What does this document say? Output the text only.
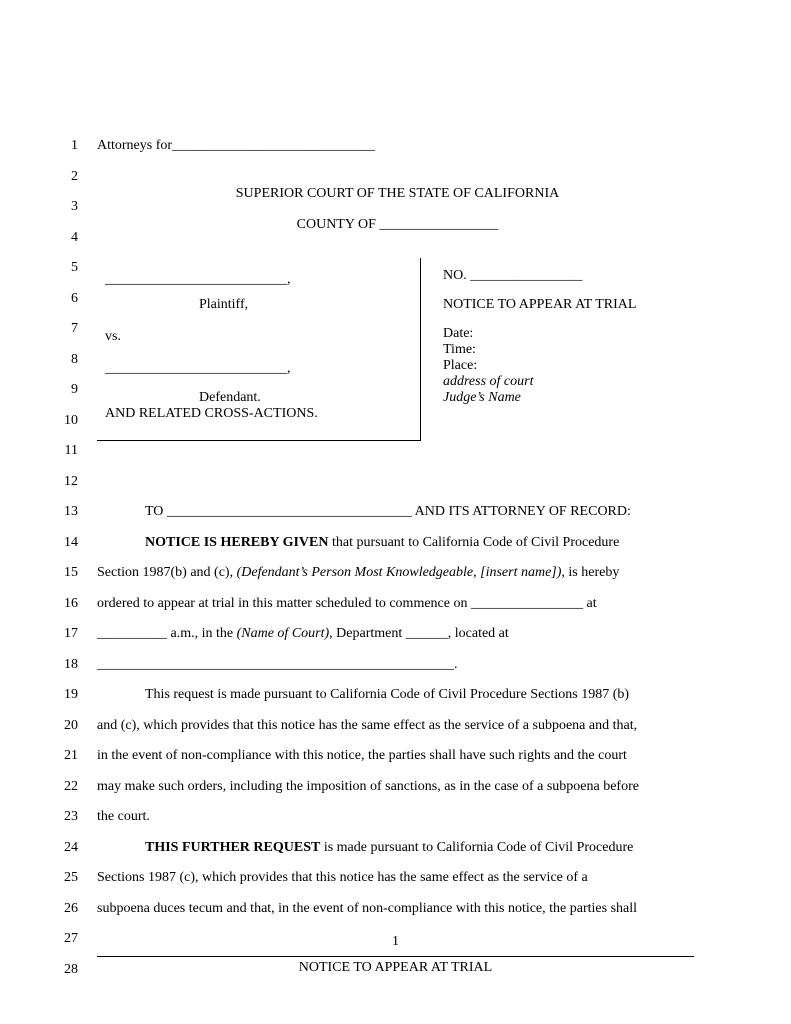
1
2
3
4
5
6
7
8
9
10
11
12
13
14
15
16
17
18
19
20
21
22
23
24
25
26
27
28
Attorneys for_____________________________
SUPERIOR COURT OF THE STATE OF CALIFORNIA
COUNTY OF _________________
__________________________,
Plaintiff,
vs.
__________________________,
Defendant.
AND RELATED CROSS-ACTIONS.
NO. ________________
NOTICE TO APPEAR AT TRIAL
Date:
Time:
Place:
address of court
Judge’s Name
TO ___________________________________ AND ITS ATTORNEY OF RECORD:
NOTICE IS HEREBY GIVEN that pursuant to California Code of Civil Procedure
Section 1987(b) and (c), (Defendant’s Person Most Knowledgeable, [insert name]), is hereby
ordered to appear at trial in this matter scheduled to commence on ________________ at
__________ a.m., in the (Name of Court), Department ______, located at
___________________________________________________.
This request is made pursuant to California Code of Civil Procedure Sections 1987 (b)
and (c), which provides that this notice has the same effect as the service of a subpoena and that,
in the event of non-compliance with this notice, the parties shall have such rights and the court
may make such orders, including the imposition of sanctions, as in the case of a subpoena before
the court.
THIS FURTHER REQUEST is made pursuant to California Code of Civil Procedure
Sections 1987 (c), which provides that this notice has the same effect as the service of a
subpoena duces tecum and that, in the event of non-compliance with this notice, the parties shall
1
NOTICE TO APPEAR AT TRIAL
